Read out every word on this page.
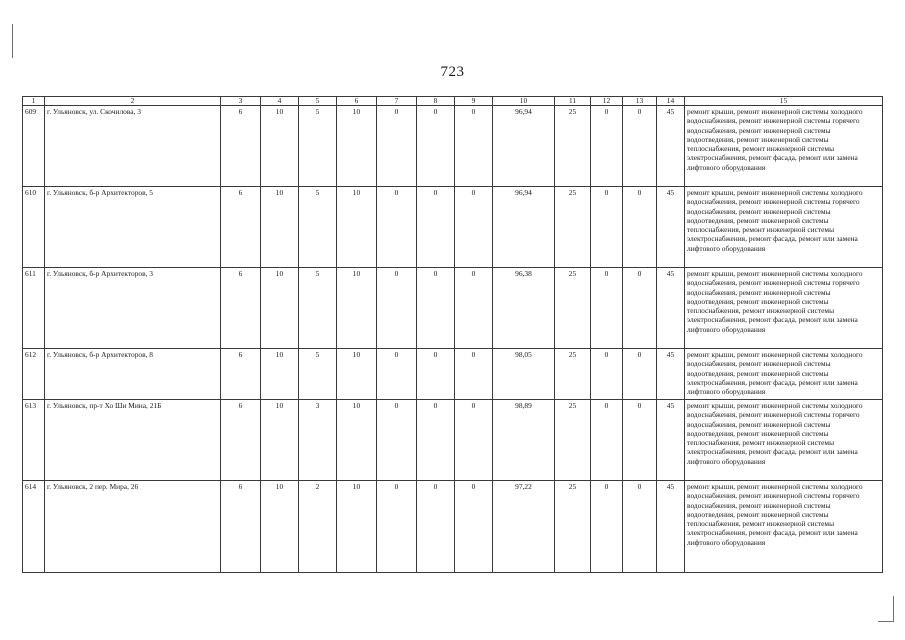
723
1	2	3	4	5	6	7	8	9	10	11	12	13	14	15
609	г. Ульяновск, ул. Скочилова, 3	6	10	5	10	0	0	0	96,94	25	0	0	45	ремонт крыши, ремонт инженерной системы холодного водоснабжения, ремонт инженерной системы горячего водоснабжения, ремонт инженерной системы водоотведения, ремонт инженерной системы теплоснабжения, ремонт инженерной системы электроснабжения, ремонт фасада, ремонт или замена лифтового оборудования
610	г. Ульяновск, б-р Архитекторов, 5	6	10	5	10	0	0	0	96,94	25	0	0	45	ремонт крыши, ремонт инженерной системы холодного водоснабжения, ремонт инженерной системы горячего водоснабжения, ремонт инженерной системы водоотведения, ремонт инженерной системы теплоснабжения, ремонт инженерной системы электроснабжения, ремонт фасада, ремонт или замена лифтового оборудования
611	г. Ульяновск, б-р Архитекторов, 3	6	10	5	10	0	0	0	96,38	25	0	0	45	ремонт крыши, ремонт инженерной системы холодного водоснабжения, ремонт инженерной системы горячего водоснабжения, ремонт инженерной системы водоотведения, ремонт инженерной системы теплоснабжения, ремонт инженерной системы электроснабжения, ремонт фасада, ремонт или замена лифтового оборудования
612	г. Ульяновск, б-р Архитекторов, 8	6	10	5	10	0	0	0	98,05	25	0	0	45	ремонт крыши, ремонт инженерной системы холодного водоснабжения, ремонт инженерной системы водоотведения, ремонт инженерной системы электроснабжения, ремонт фасада, ремонт или замена лифтового оборудования
613	г. Ульяновск, пр-т Хо Ши Мина, 21Б	6	10	3	10	0	0	0	98,89	25	0	0	45	ремонт крыши, ремонт инженерной системы холодного водоснабжения, ремонт инженерной системы горячего водоснабжения, ремонт инженерной системы водоотведения, ремонт инженерной системы теплоснабжения, ремонт инженерной системы электроснабжения, ремонт фасада, ремонт или замена лифтового оборудования
614	г. Ульяновск, 2 пер. Мира, 26	6	10	2	10	0	0	0	97,22	25	0	0	45	ремонт крыши, ремонт инженерной системы холодного водоснабжения, ремонт инженерной системы горячего водоснабжения, ремонт инженерной системы водоотведения, ремонт инженерной системы теплоснабжения, ремонт инженерной системы электроснабжения, ремонт фасада, ремонт или замена лифтового оборудования
